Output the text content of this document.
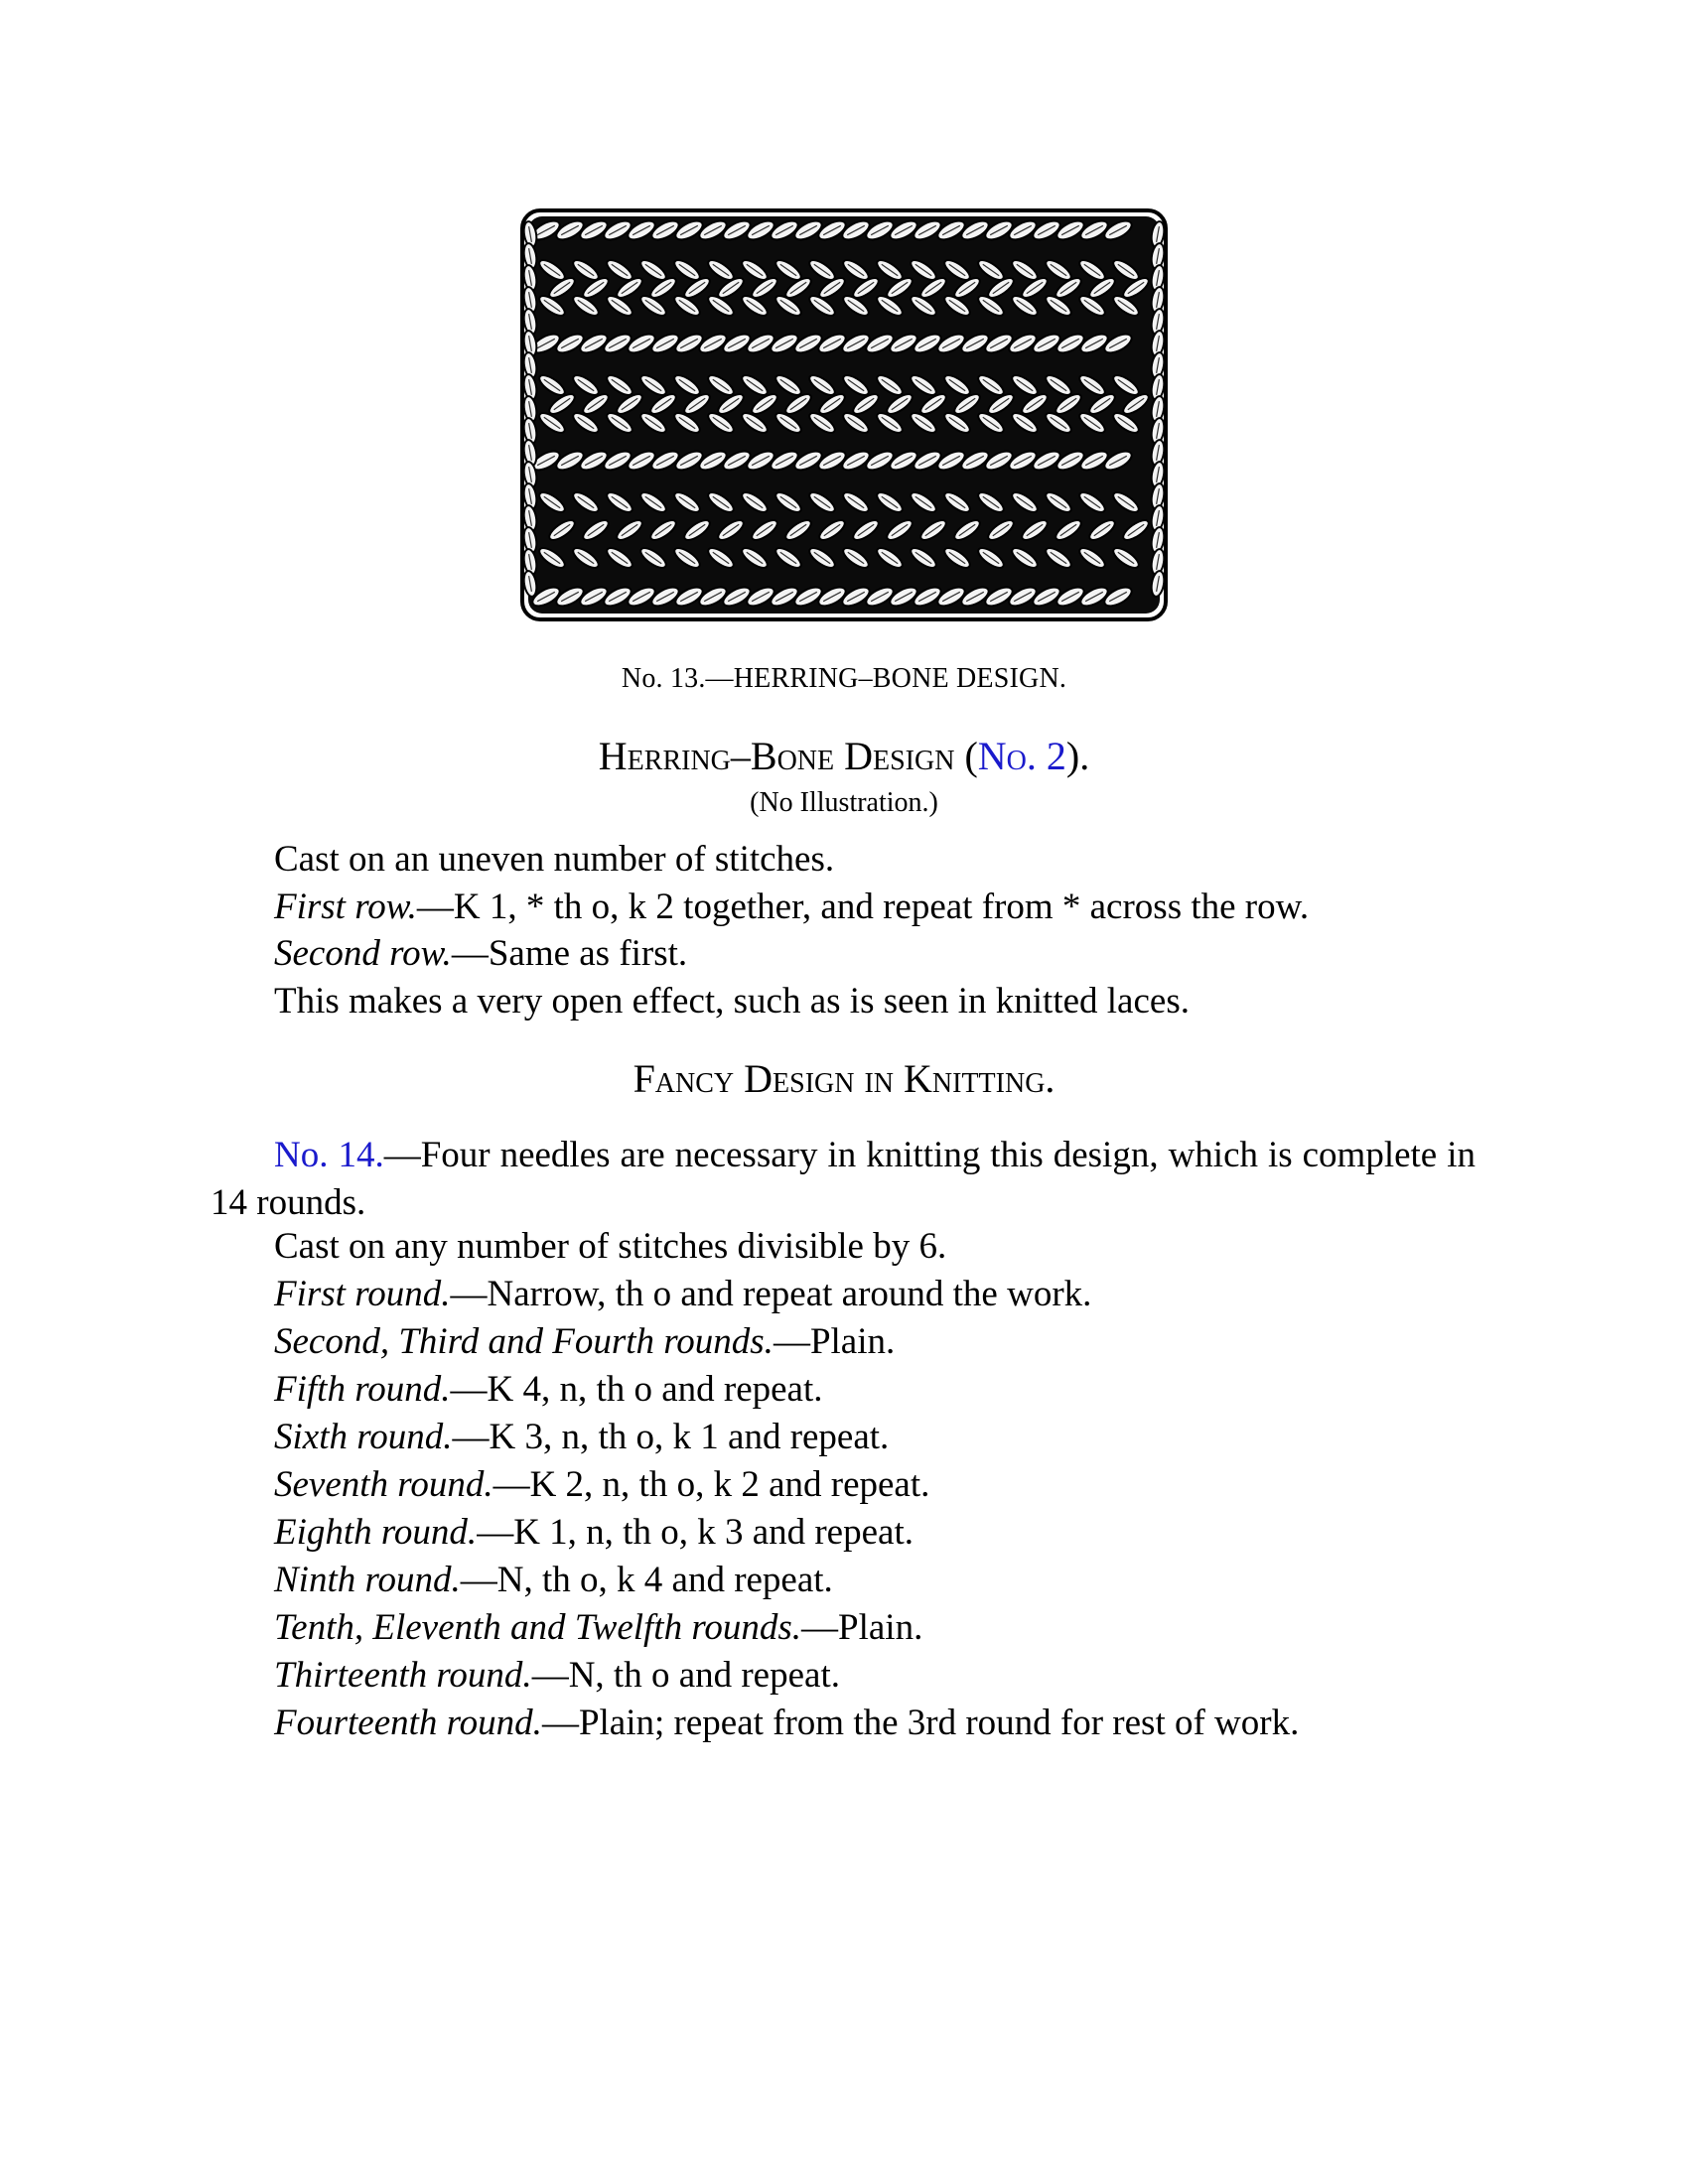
No. 13.—HERRING–BONE DESIGN.
Herring–Bone Design (No. 2).
(No Illustration.)
Cast on an uneven number of stitches.
First row.—K 1, * th o, k 2 together, and repeat from * across the row.
Second row.—Same as first.
This makes a very open effect, such as is seen in knitted laces.
Fancy Design in Knitting.

No. 14.—Four needles are necessary in knitting this design, which is complete in 14 rounds.

Cast on any number of stitches divisible by 6.
First round.—Narrow, th o and repeat around the work.
Second, Third and Fourth rounds.—Plain.
Fifth round.—K 4, n, th o and repeat.
Sixth round.—K 3, n, th o, k 1 and repeat.
Seventh round.—K 2, n, th o, k 2 and repeat.
Eighth round.—K 1, n, th o, k 3 and repeat.
Ninth round.—N, th o, k 4 and repeat.
Tenth, Eleventh and Twelfth rounds.—Plain.
Thirteenth round.—N, th o and repeat.
Fourteenth round.—Plain; repeat from the 3rd round for rest of work.
